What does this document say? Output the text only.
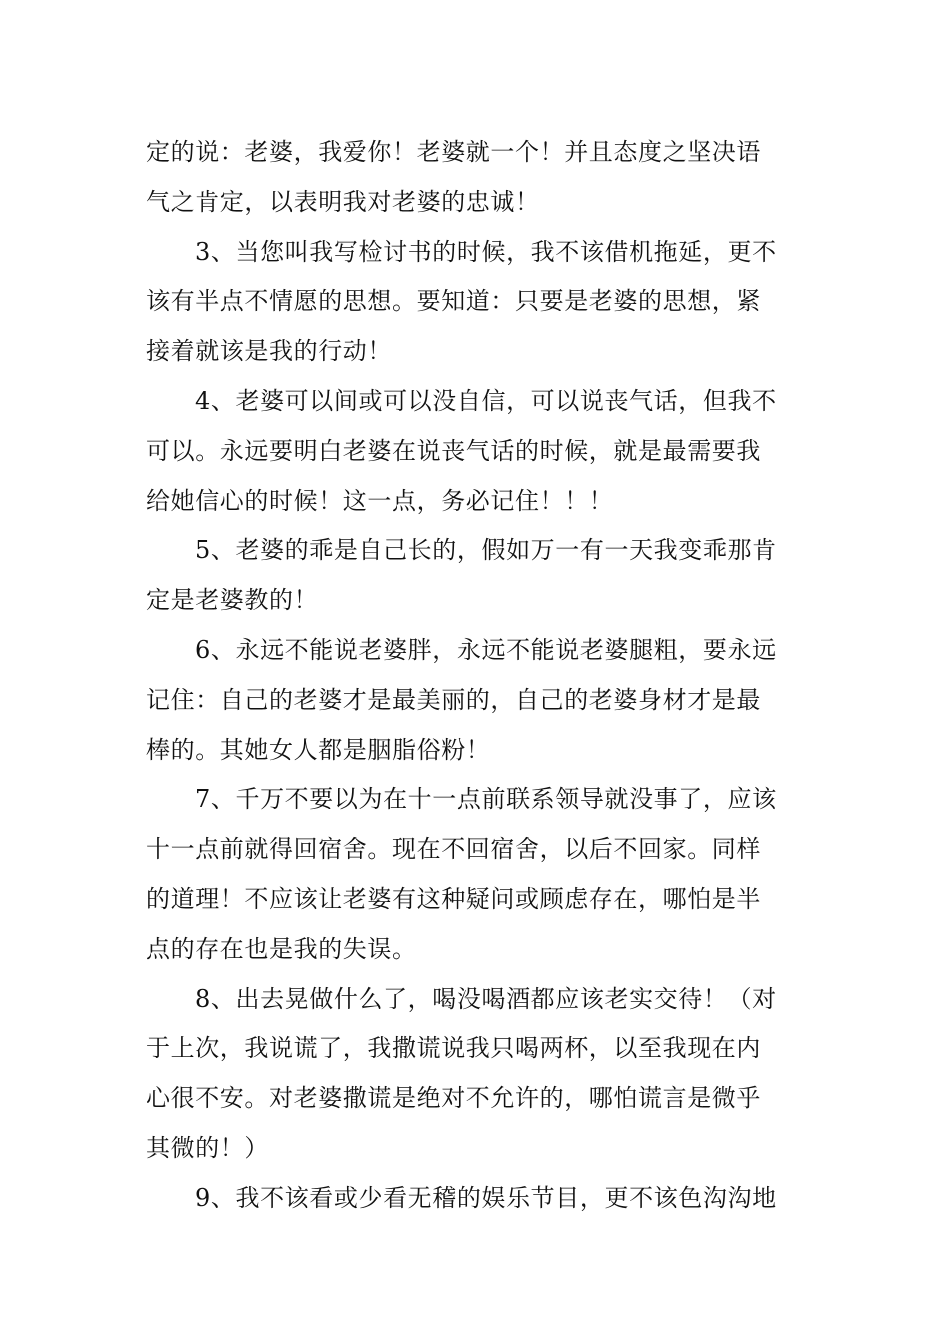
定的说：老婆，我爱你！老婆就一个！并且态度之坚决语
气之肯定，以表明我对老婆的忠诚！
3、当您叫我写检讨书的时候，我不该借机拖延，更不
该有半点不情愿的思想。要知道：只要是老婆的思想，紧
接着就该是我的行动！
4、老婆可以间或可以没自信，可以说丧气话，但我不
可以。永远要明白老婆在说丧气话的时候，就是最需要我
给她信心的时候！这一点，务必记住！！！
5、老婆的乖是自己长的，假如万一有一天我变乖那肯
定是老婆教的！
6、永远不能说老婆胖，永远不能说老婆腿粗，要永远
记住：自己的老婆才是最美丽的，自己的老婆身材才是最
棒的。其她女人都是胭脂俗粉！
7、千万不要以为在十一点前联系领导就没事了，应该
十一点前就得回宿舍。现在不回宿舍，以后不回家。同样
的道理！不应该让老婆有这种疑问或顾虑存在，哪怕是半
点的存在也是我的失误。
8、出去晃做什么了，喝没喝酒都应该老实交待！（对
于上次，我说谎了，我撒谎说我只喝两杯，以至我现在内
心很不安。对老婆撒谎是绝对不允许的，哪怕谎言是微乎
其微的！）
9、我不该看或少看无稽的娱乐节目，更不该色沟沟地
